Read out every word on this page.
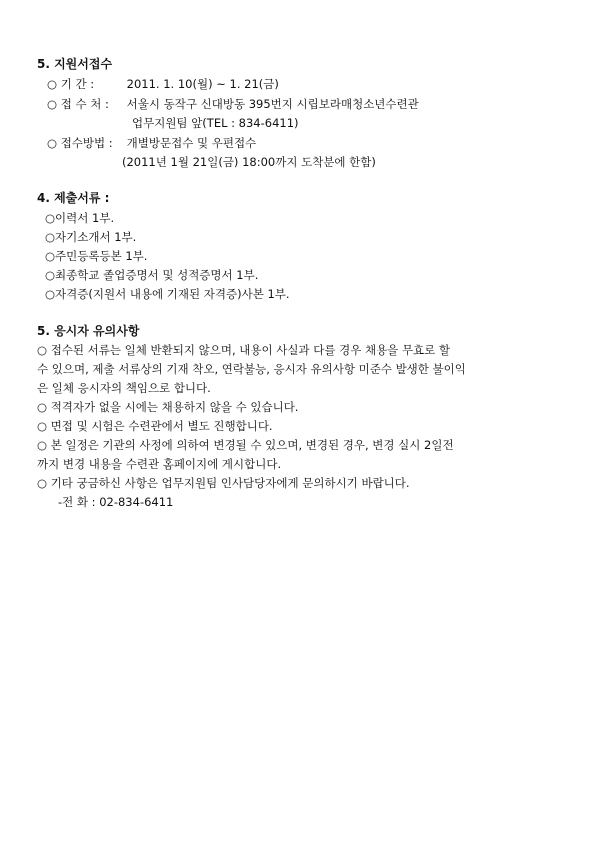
5. 지원서접수
○ 기 간 :	2011. 1. 10(월) ~ 1. 21(금)
○ 접 수 처 : 서울시 동작구 신대방동 395번지 시립보라매청소년수련관
업무지원팀 앞(TEL : 834-6411)
○ 접수방법 : 개별방문접수 및 우편접수
(2011년 1월 21일(금) 18:00까지 도착분에 한함)
4. 제출서류 :
○이력서 1부.
○자기소개서 1부.
○주민등록등본 1부.
○최종학교 졸업증명서 및 성적증명서 1부.
○자격증(지원서 내용에 기재된 자격증)사본 1부.
5. 응시자 유의사항
○ 접수된 서류는 일체 반환되지 않으며, 내용이 사실과 다를 경우 채용을 무효로 할
수 있으며, 제출 서류상의 기재 착오, 연락불능, 응시자 유의사항 미준수 발생한 불이익
은 일체 응시자의 책임으로 합니다.
○ 적격자가 없을 시에는 채용하지 않을 수 있습니다.
○ 면접 및 시험은 수련관에서 별도 진행합니다.
○ 본 일정은 기관의 사정에 의하여 변경될 수 있으며, 변경된 경우, 변경 실시 2일전
까지 변경 내용을 수련관 홈페이지에 게시합니다.
○ 기타 궁금하신 사항은 업무지원팀 인사담당자에게 문의하시기 바랍니다.
-전 화 : 02-834-6411
